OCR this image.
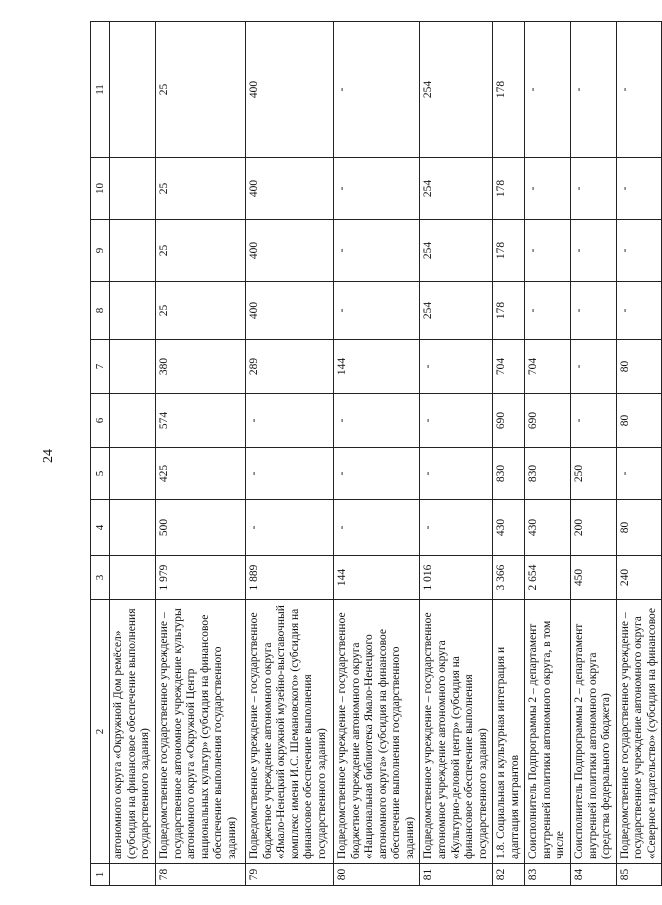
24
1	2	3	4	5	6	7	8	9	10	11
	автономного округа «Окружной Дом ремёсел» (субсидия на финансовое обеспечение выполнения государственного задания)									
78	Подведомственное государственное учреждение – государственное автономное учреждение культуры автономного округа «Окружной Центр национальных культур» (субсидия на финансовое обеспечение выполнения государственного задания)	1 979	500	425	574	380	25	25	25	25
79	Подведомственное учреждение – государственное бюджетное учреждение автономного округа «Ямало-Ненецкий окружной музейно-выставочный комплекс имени И.С. Шемановского» (субсидия на финансовое обеспечение выполнения государственного задания)	1 889	-	-	-	289	400	400	400	400
80	Подведомственное учреждение – государственное бюджетное учреждение автономного округа «Национальная библиотека Ямало-Ненецкого автономного округа» (субсидия на финансовое обеспечение выполнения государственного задания)	144	-	-	-	144	-	-	-	-
81	Подведомственное учреждение – государственное автономное учреждение автономного округа «Культурно-деловой центр» (субсидия на финансовое обеспечение выполнения государственного задания)	1 016	-	-	-	-	254	254	254	254
82	1.8. Социальная и культурная интеграция и адаптация мигрантов	3 366	430	830	690	704	178	178	178	178
83	Соисполнитель Подпрограммы 2 – департамент внутренней политики автономного округа, в том числе	2 654	430	830	690	704	-	-	-	-
84	Соисполнитель Подпрограммы 2 – департамент внутренней политики автономного округа (средства федерального бюджета)	450	200	250	-	-	-	-	-	-
85	Подведомственное государственное учреждение – государственное учреждение автономного округа «Северное издательство» (субсидия на финансовое	240	80	-	80	80	-	-	-	-
